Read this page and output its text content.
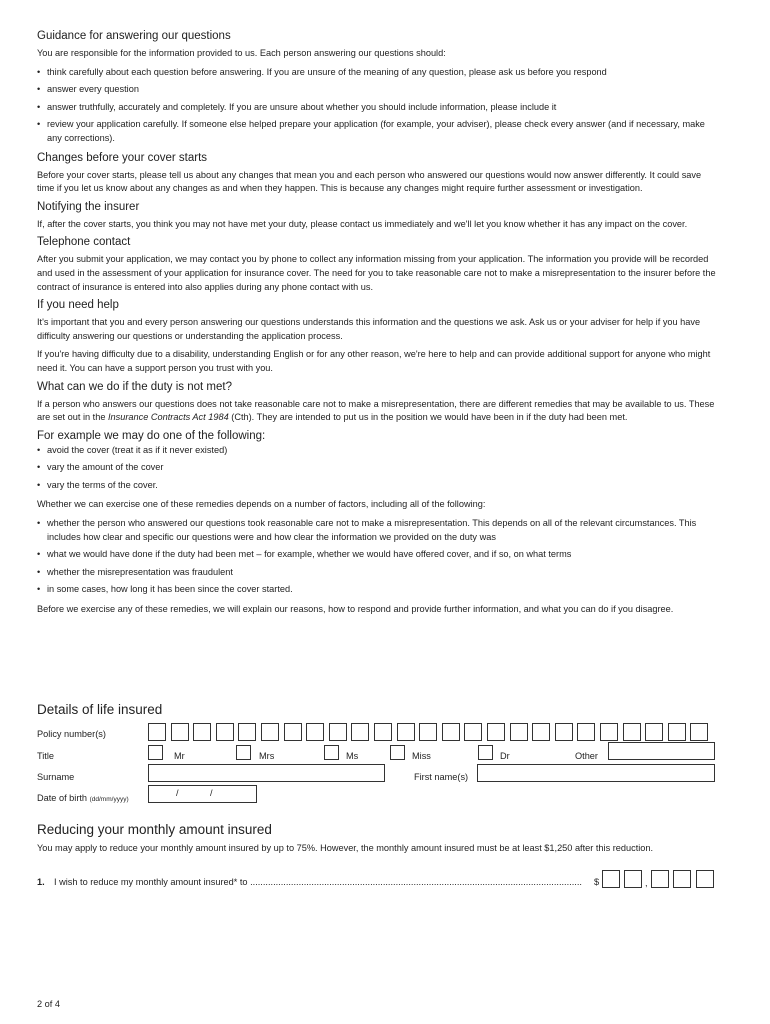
Guidance for answering our questions

You are responsible for the information provided to us. Each person answering our questions should:

• think carefully about each question before answering. If you are unsure of the meaning of any question, please ask us before you respond
• answer every question
• answer truthfully, accurately and completely. If you are unsure about whether you should include information, please include it
• review your application carefully. If someone else helped prepare your application (for example, your adviser), please check every answer (and if necessary, make any corrections).
Changes before your cover starts

Before your cover starts, please tell us about any changes that mean you and each person who answered our questions would now answer differently. It could save time if you let us know about any changes as and when they happen. This is because any changes might require further assessment or investigation.

Notifying the insurer

If, after the cover starts, you think you may not have met your duty, please contact us immediately and we'll let you know whether it has any impact on the cover.

Telephone contact

After you submit your application, we may contact you by phone to collect any information missing from your application. The information you provide will be recorded and used in the assessment of your application for insurance cover. The need for you to take reasonable care not to make a misrepresentation to the insurer before the contract of insurance is entered into also applies during any phone contact with us.

If you need help

It's important that you and every person answering our questions understands this information and the questions we ask. Ask us or your adviser for help if you have difficulty answering our questions or understanding the application process.

If you're having difficulty due to a disability, understanding English or for any other reason, we're here to help and can provide additional support for anyone who might need it. You can have a support person you trust with you.

What can we do if the duty is not met?

If a person who answers our questions does not take reasonable care not to make a misrepresentation, there are different remedies that may be available to us. These are set out in the Insurance Contracts Act 1984 (Cth). They are intended to put us in the position we would have been in if the duty had been met.

For example we may do one of the following:
• avoid the cover (treat it as if it never existed)
• vary the amount of the cover
• vary the terms of the cover.

Whether we can exercise one of these remedies depends on a number of factors, including all of the following:

• whether the person who answered our questions took reasonable care not to make a misrepresentation. This depends on all of the relevant circumstances. This includes how clear and specific our questions were and how clear the information we provided on the duty was
• what we would have done if the duty had been met – for example, whether we would have offered cover, and if so, on what terms
• whether the misrepresentation was fraudulent
• in some cases, how long it has been since the cover started.

Before we exercise any of these remedies, we will explain our reasons, how to respond and provide further information, and what you can do if you disagree.

Details of life insured
Policy number(s)
Title	Mr	Mrs	Ms	Miss	Dr	Other
Surname	First name(s)
Date of birth (dd/mm/yyyy)
/	/
Reducing your monthly amount insured

You may apply to reduce your monthly amount insured by up to 75%. However, the monthly amount insured must be at least $1,250 after this reduction.

1. I wish to reduce my monthly amount insured* to ..................................................................................................................................	$	,
2 of 4
